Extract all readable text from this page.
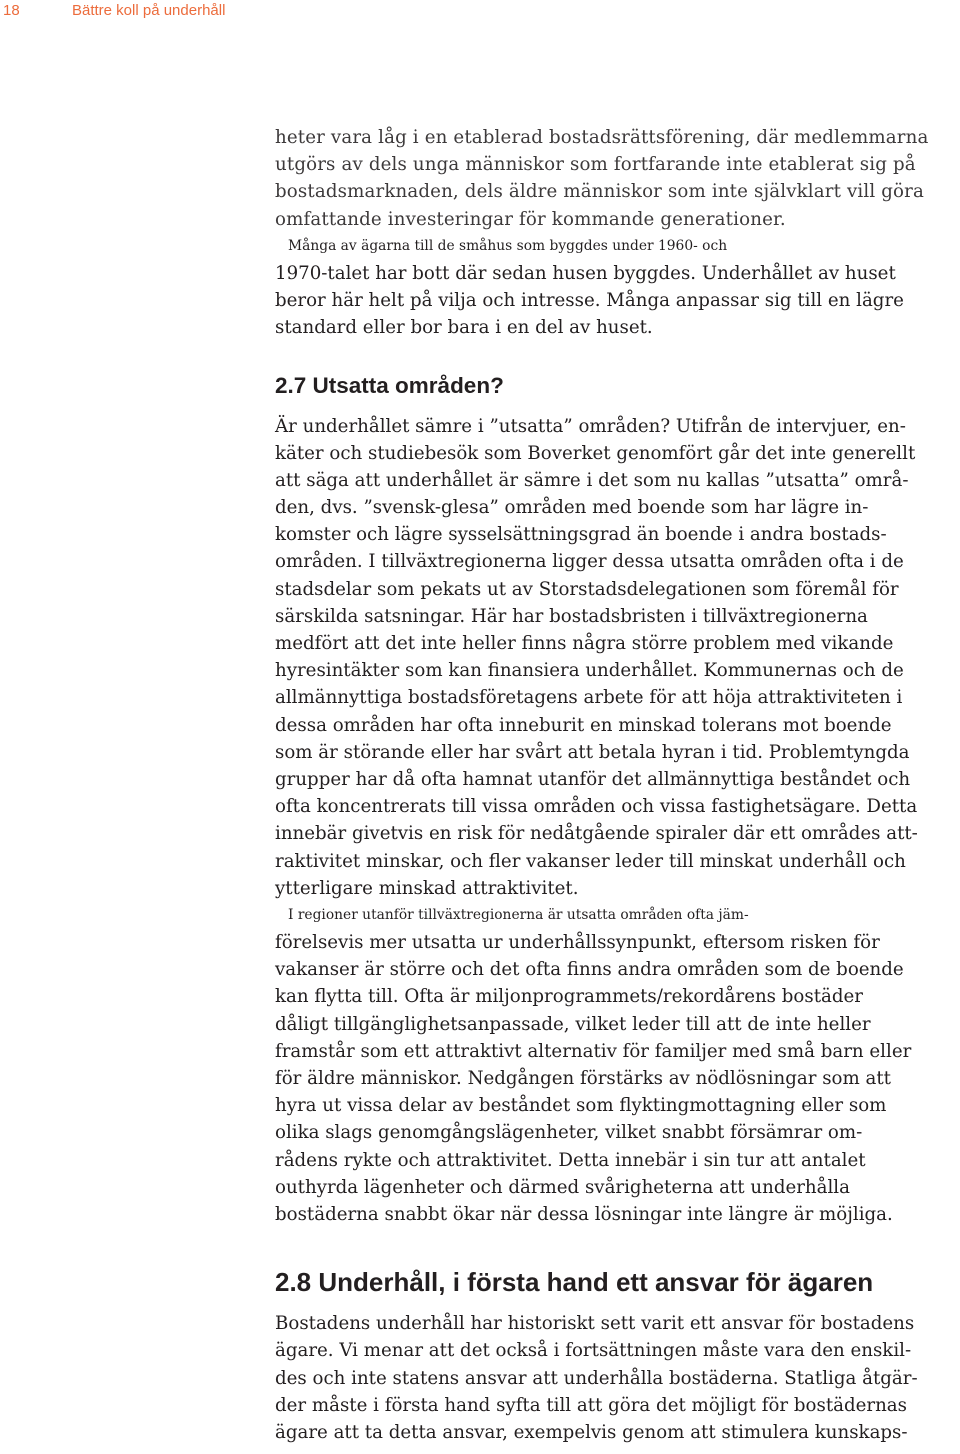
18	Bättre koll på underhåll
heter vara låg i en etablerad bostadsrättsförening, där medlemmarna
utgörs av dels unga människor som fortfarande inte etablerat sig på
bostadsmarknaden, dels äldre människor som inte självklart vill göra
omfattande investeringar för kommande generationer.
Många av ägarna till de småhus som byggdes under 1960- och
1970-talet har bott där sedan husen byggdes. Underhållet av huset
beror här helt på vilja och intresse. Många anpassar sig till en lägre
standard eller bor bara i en del av huset.
2.7 Utsatta områden?
Är underhållet sämre i ”utsatta” områden? Utifrån de intervjuer, en-
käter och studiebesök som Boverket genomfört går det inte generellt
att säga att underhållet är sämre i det som nu kallas ”utsatta” områ-
den, dvs. ”svensk-glesa” områden med boende som har lägre in-
komster och lägre sysselsättningsgrad än boende i andra bostads-
områden. I tillväxtregionerna ligger dessa utsatta områden ofta i de
stadsdelar som pekats ut av Storstadsdelegationen som föremål för
särskilda satsningar. Här har bostadsbristen i tillväxtregionerna
medfört att det inte heller finns några större problem med vikande
hyresintäkter som kan finansiera underhållet. Kommunernas och de
allmännyttiga bostadsföretagens arbete för att höja attraktiviteten i
dessa områden har ofta inneburit en minskad tolerans mot boende
som är störande eller har svårt att betala hyran i tid. Problemtyngda
grupper har då ofta hamnat utanför det allmännyttiga beståndet och
ofta koncentrerats till vissa områden och vissa fastighetsägare. Detta
innebär givetvis en risk för nedåtgående spiraler där ett områdes att-
raktivitet minskar, och fler vakanser leder till minskat underhåll och
ytterligare minskad attraktivitet.
I regioner utanför tillväxtregionerna är utsatta områden ofta jäm-
förelsevis mer utsatta ur underhållssynpunkt, eftersom risken för
vakanser är större och det ofta finns andra områden som de boende
kan flytta till. Ofta är miljonprogrammets/rekordårens bostäder
dåligt tillgänglighetsanpassade, vilket leder till att de inte heller
framstår som ett attraktivt alternativ för familjer med små barn eller
för äldre människor. Nedgången förstärks av nödlösningar som att
hyra ut vissa delar av beståndet som flyktingmottagning eller som
olika slags genomgångslägenheter, vilket snabbt försämrar om-
rådens rykte och attraktivitet. Detta innebär i sin tur att antalet
outhyrda lägenheter och därmed svårigheterna att underhålla
bostäderna snabbt ökar när dessa lösningar inte längre är möjliga.
2.8 Underhåll, i första hand ett ansvar för ägaren
Bostadens underhåll har historiskt sett varit ett ansvar för bostadens
ägare. Vi menar att det också i fortsättningen måste vara den enskil-
des och inte statens ansvar att underhålla bostäderna. Statliga åtgär-
der måste i första hand syfta till att göra det möjligt för bostädernas
ägare att ta detta ansvar, exempelvis genom att stimulera kunskaps-
